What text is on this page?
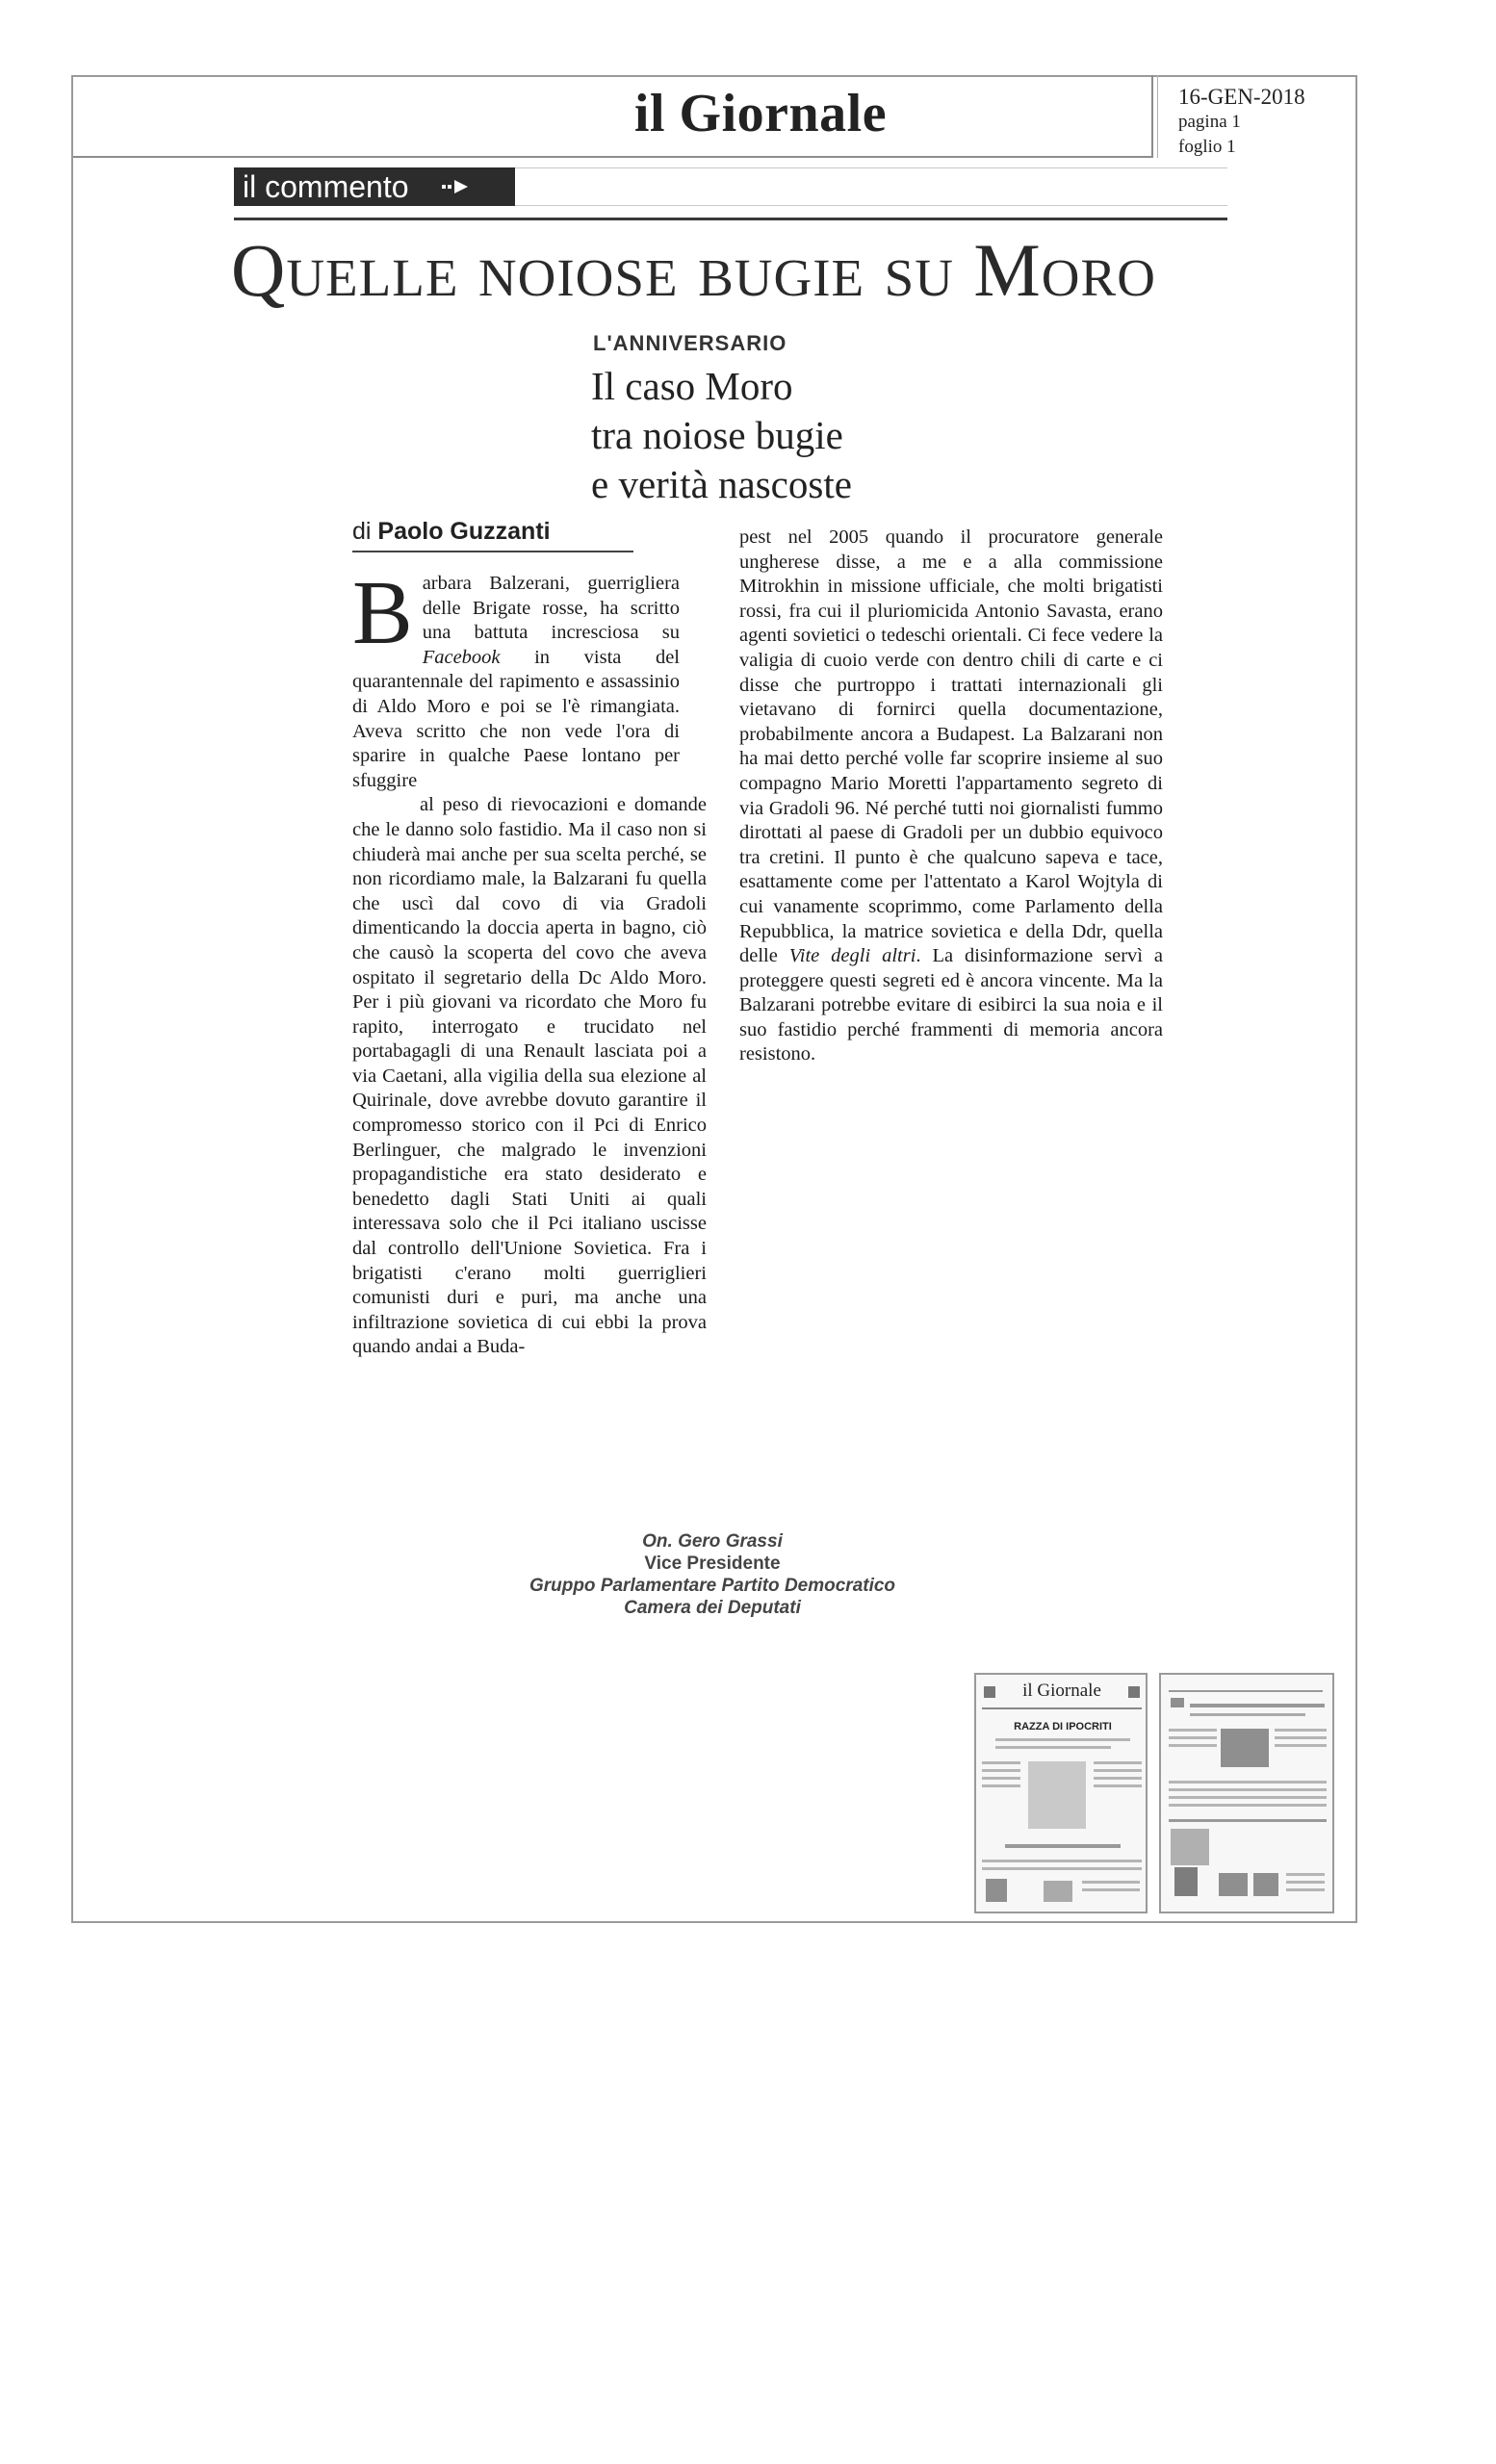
il Giornale	16-GEN-2018
pagina 1
foglio 1
il commento
Quelle noiose bugie su Moro
L'ANNIVERSARIO
Il caso Moro
tra noiose bugie
e verità nascoste
di Paolo Guzzanti

Barbara Balzerani, guerrigliera delle Brigate rosse, ha scritto una battuta incresciosa su Facebook in vista del quarantennale del rapimento e assassinio di Aldo Moro e poi se l'è rimangiata. Aveva scritto che non vede l'ora di sparire in qualche Paese lontano per sfuggire

al peso di rievocazioni e domande che le danno solo fastidio. Ma il caso non si chiuderà mai anche per sua scelta perché, se non ricordiamo male, la Balzarani fu quella che uscì dal covo di via Gradoli dimenticando la doccia aperta in bagno, ciò che causò la scoperta del covo che aveva ospitato il segretario della Dc Aldo Moro. Per i più giovani va ricordato che Moro fu rapito, interrogato e trucidato nel portabagagli di una Renault lasciata poi a via Caetani, alla vigilia della sua elezione al Quirinale, dove avrebbe dovuto garantire il compromesso storico con il Pci di Enrico Berlinguer, che malgrado le invenzioni propagandistiche era stato desiderato e benedetto dagli Stati Uniti ai quali interessava solo che il Pci italiano uscisse dal controllo dell'Unione Sovietica. Fra i brigatisti c'erano molti guerriglieri comunisti duri e puri, ma anche una infiltrazione sovietica di cui ebbi la prova quando andai a Buda-

pest nel 2005 quando il procuratore generale ungherese disse, a me e a alla commissione Mitrokhin in missione ufficiale, che molti brigatisti rossi, fra cui il pluriomicida Antonio Savasta, erano agenti sovietici o tedeschi orientali. Ci fece vedere la valigia di cuoio verde con dentro chili di carte e ci disse che purtroppo i trattati internazionali gli vietavano di fornirci quella documentazione, probabilmente ancora a Budapest. La Balzarani non ha mai detto perché volle far scoprire insieme al suo compagno Mario Moretti l'appartamento segreto di via Gradoli 96. Né perché tutti noi giornalisti fummo dirottati al paese di Gradoli per un dubbio equivoco tra cretini. Il punto è che qualcuno sapeva e tace, esattamente come per l'attentato a Karol Wojtyla di cui vanamente scoprimmo, come Parlamento della Repubblica, la matrice sovietica e della Ddr, quella delle Vite degli altri. La disinformazione servì a proteggere questi segreti ed è ancora vincente. Ma la Balzarani potrebbe evitare di esibirci la sua noia e il suo fastidio perché frammenti di memoria ancora resistono.

On. Gero Grassi
Vice Presidente
Gruppo Parlamentare Partito Democratico
Camera dei Deputati
il Giornale
RAZZA DI IPOCRITI
